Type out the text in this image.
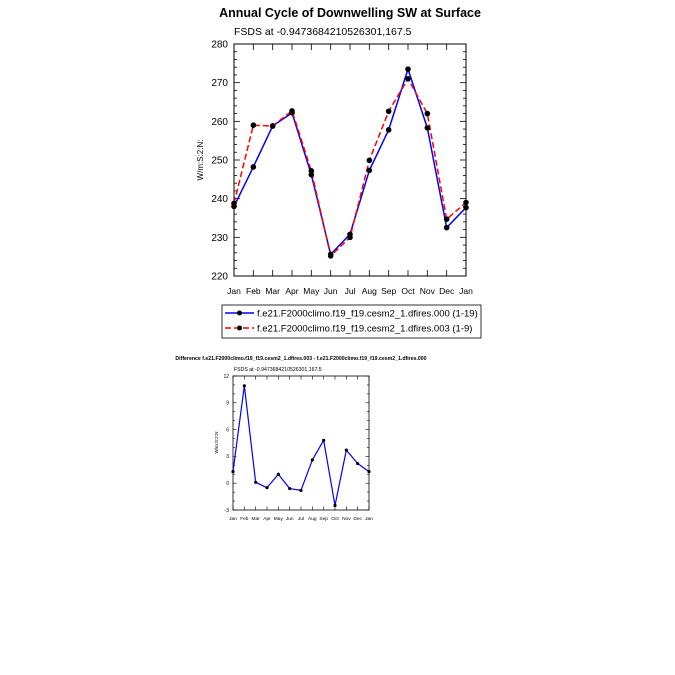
Annual Cycle of Downwelling SW at Surface
FSDS at -0.9473684210526301,167.5
W/m:S:2:N:
220
230
240
250
260
270
280
Jan Feb Mar Apr May Jun Jul Aug Sep Oct Nov Dec Jan
f.e21.F2000climo.f19_f19.cesm2_1.dfires.000 (1-19)
f.e21.F2000climo.f19_f19.cesm2_1.dfires.003 (1-9)
Difference f.e21.F2000climo.f19_f19.cesm2_1.dfires.003 - f.e21.F2000climo.f19_f19.cesm2_1.dfires.000
FSDS at -0.9473684210526301,167.5
W/m:S:2:N:
-3
0
3
6
9
12
Jan Feb Mar Apr May Jun Jul Aug Sep Oct Nov Dec Jan
